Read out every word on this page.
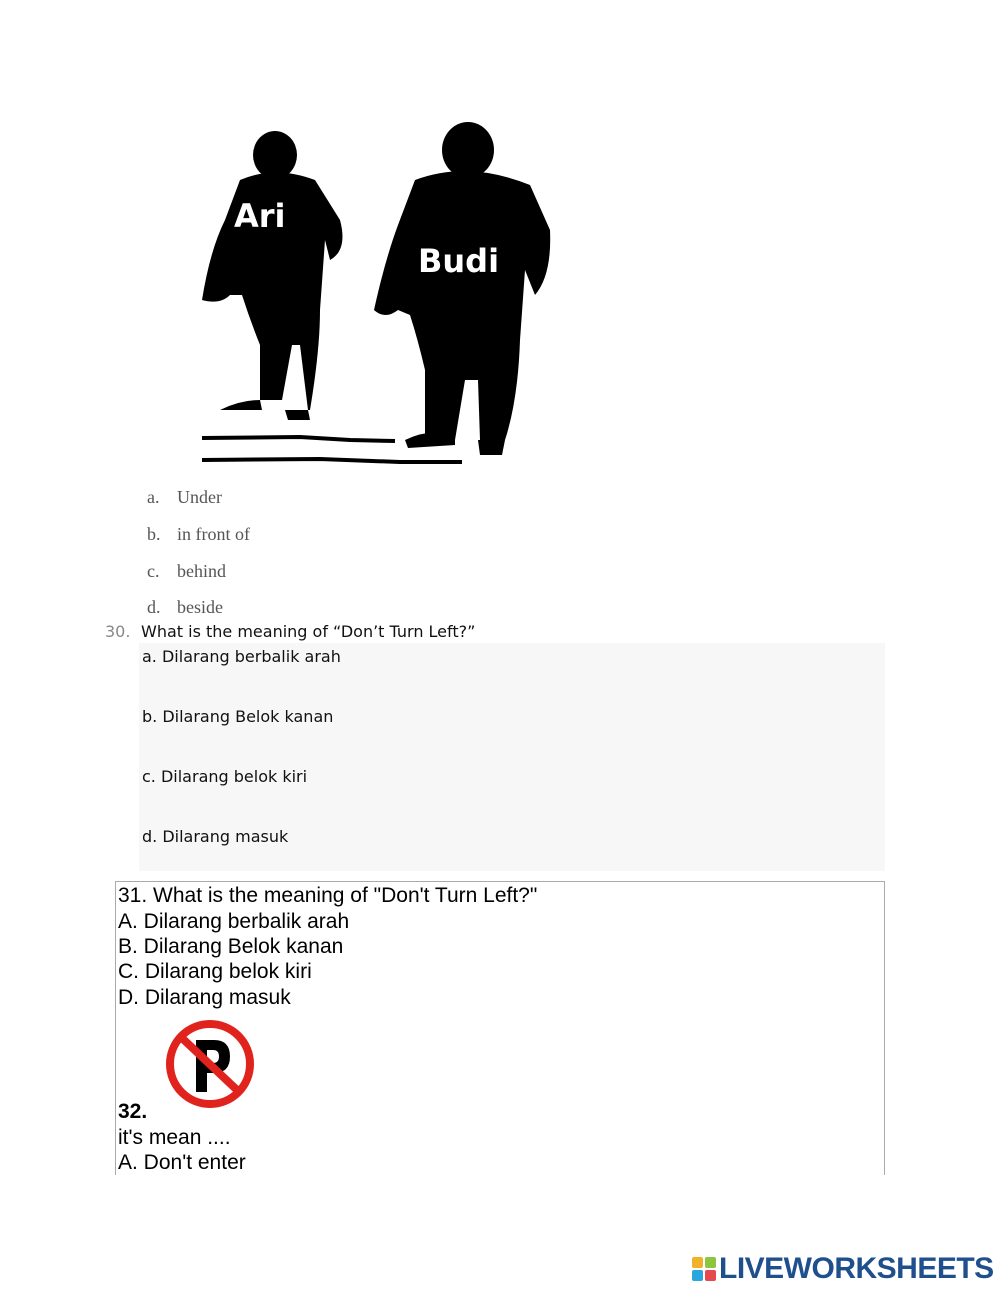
Ari
Budi
a. Under
b. in front of
c. behind
d. beside
30. What is the meaning of “Don’t Turn Left?”
a. Dilarang berbalik arah
b. Dilarang Belok kanan
c. Dilarang belok kiri
d. Dilarang masuk
31. What is the meaning of "Don't Turn Left?"
A. Dilarang berbalik arah
B. Dilarang Belok kanan
C. Dilarang belok kiri
D. Dilarang masuk
32.
it's mean ....
A. Don't enter
LIVEWORKSHEETS
